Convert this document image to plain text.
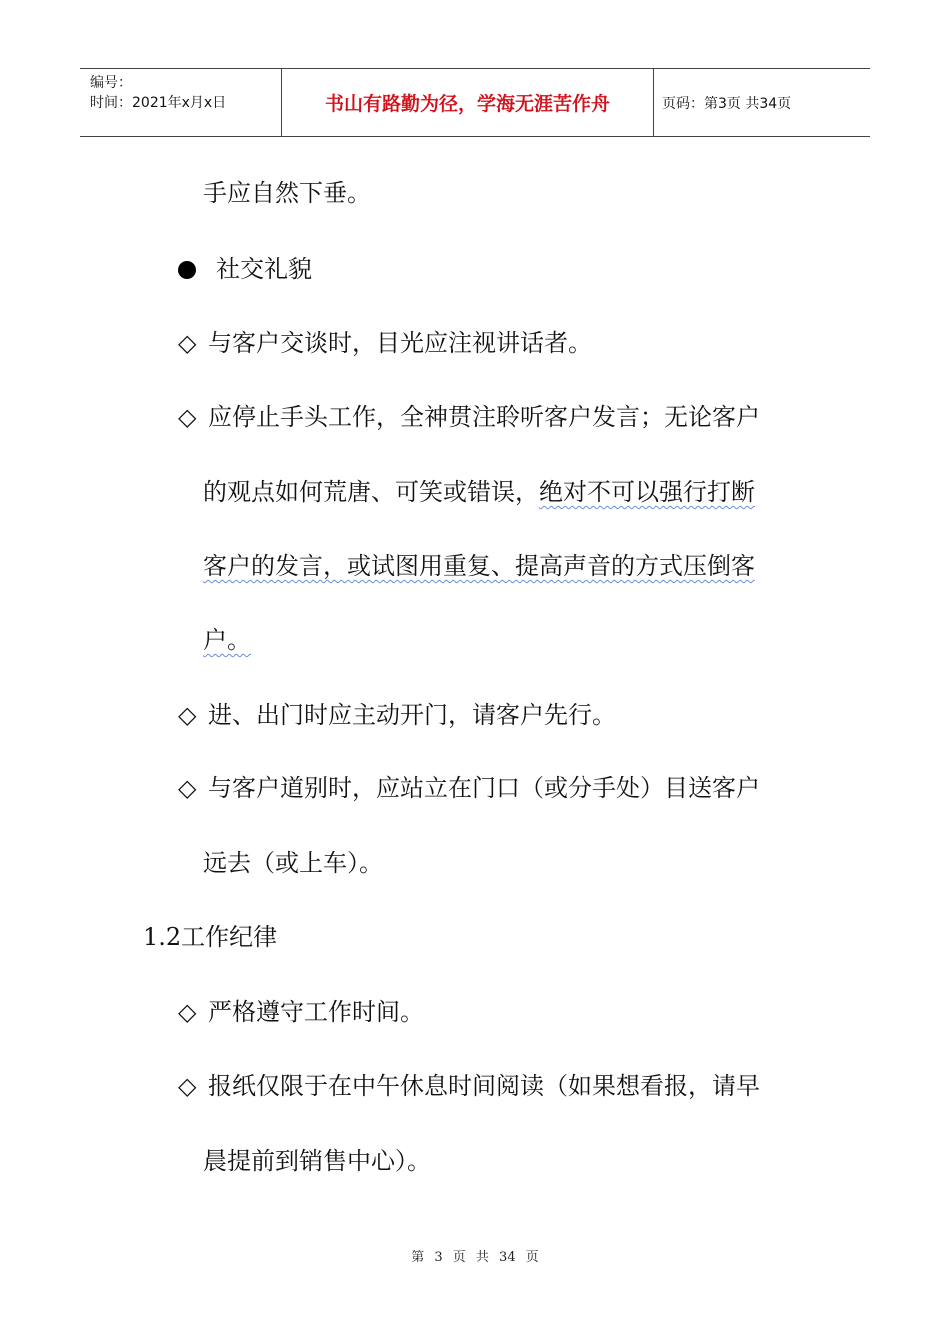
编号：
时间：2021年x月x日	书山有路勤为径，学海无涯苦作舟	页码：第3页 共34页
手应自然下垂。
社交礼貌
◇ 与客户交谈时，目光应注视讲话者。
◇ 应停止手头工作，全神贯注聆听客户发言；无论客户
的观点如何荒唐、可笑或错误，绝对不可以强行打断
客户的发言，或试图用重复、提高声音的方式压倒客
户。
◇ 进、出门时应主动开门，请客户先行。
◇ 与客户道别时，应站立在门口（或分手处）目送客户
远去（或上车）。
1.2工作纪律
◇ 严格遵守工作时间。
◇ 报纸仅限于在中午休息时间阅读（如果想看报，请早
晨提前到销售中心）。
第 3 页 共 34 页
